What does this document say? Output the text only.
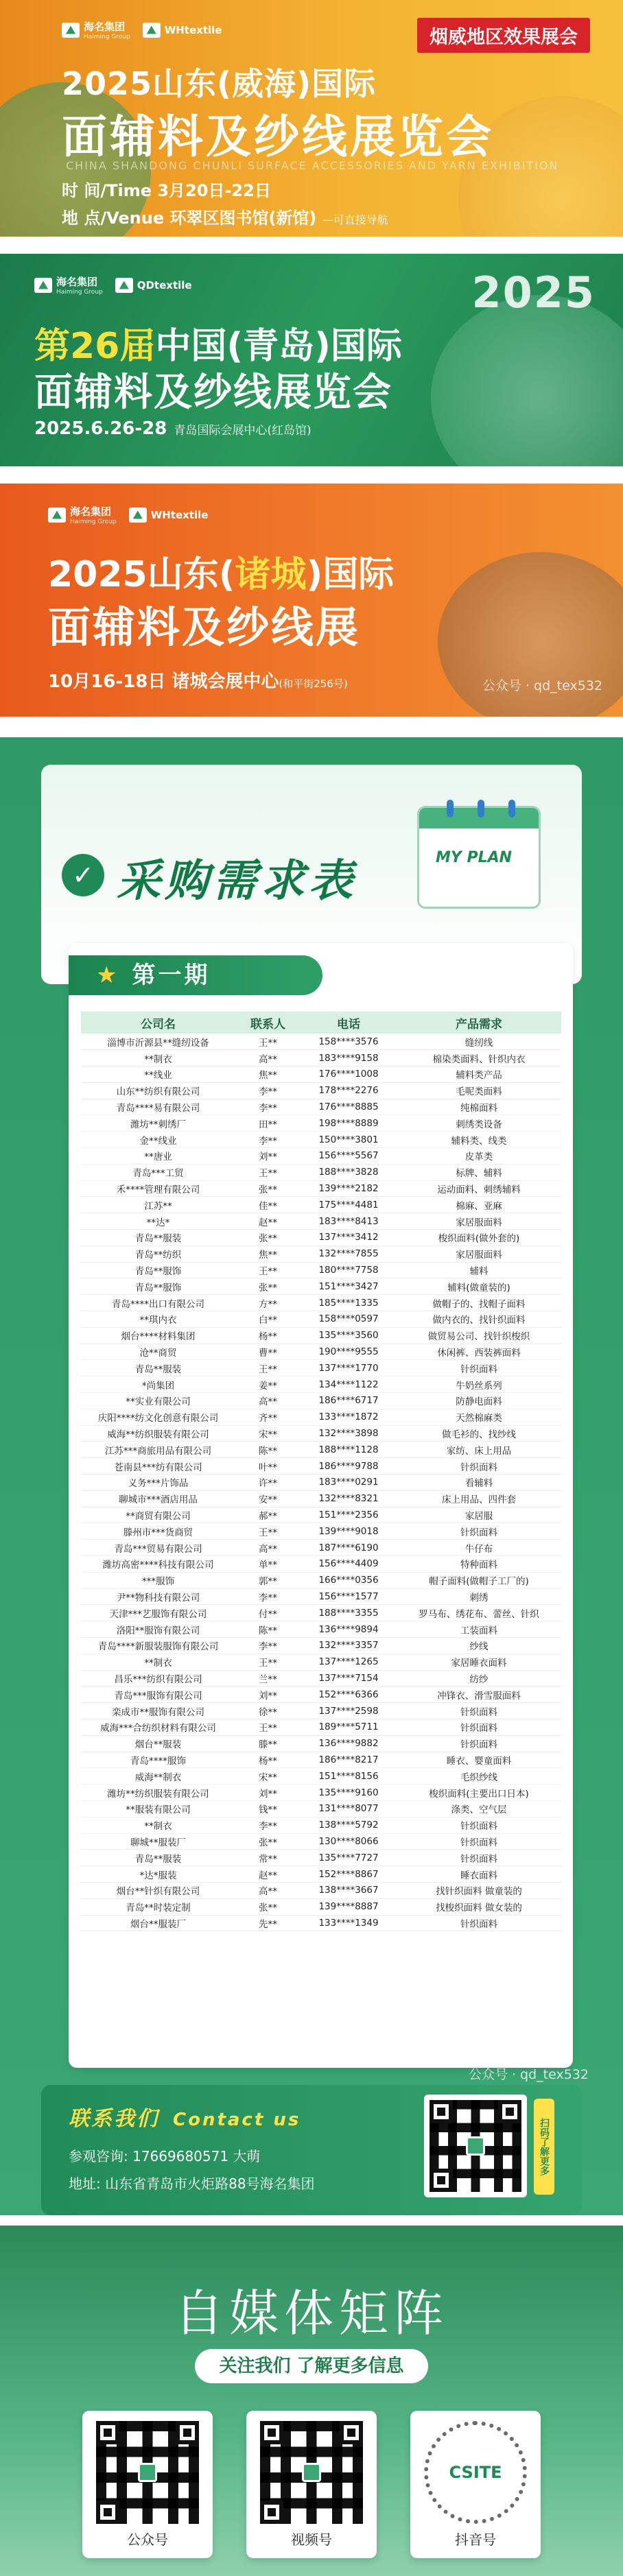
海名集团
Haiming Group
WHtextile	烟威地区效果展会
2025山东(威海)国际
面辅料及纱线展览会
CHINA SHANDONG CHUNLI SURFACE ACCESSORIES AND YARN EXHIBITION
时 间/Time 3月20日-22日
地 点/Venue 环翠区图书馆(新馆) —可直接导航
海名集团
Haiming Group
QDtextile	2025
第26届中国(青岛)国际
面辅料及纱线展览会
2025.6.26-28 青岛国际会展中心(红岛馆)
海名集团
Haiming Group
WHtextile
2025山东(诸城)国际
面辅料及纱线展
10月16-18日 诸城会展中心(和平街256号)	公众号 · qd_tex532
✓ 采购需求表	MY PLAN
★ 第一期
公司名	联系人	电话	产品需求
淄博市沂源县**缝纫设备	王**	158****3576	缝纫线
**制衣	高**	183****9158	棉染类面料、针织内衣
**线业	焦**	176****1008	辅料类产品
山东**纺织有限公司	李**	178****2276	毛呢类面料
青岛****易有限公司	李**	176****8885	纯棉面料
潍坊**刺绣厂	田**	198****8889	刺绣类设备
金**线业	李**	150****3801	辅料类、线类
**唐业	刘**	156****5567	皮革类
青岛***工贸	王**	188****3828	标牌、辅料
禾****管理有限公司	张**	139****2182	运动面料、刺绣辅料
江苏**	佳**	175****4481	棉麻、亚麻
**达*	赵**	183****8413	家居服面料
青岛**服装	张**	137****3412	梭织面料(做外套的)
青岛**纺织	焦**	132****7855	家居服面料
青岛**服饰	王**	180****7758	辅料
青岛**服饰	张**	151****3427	辅料(做童装的)
青岛****出口有限公司	方**	185****1335	做帽子的、找帽子面料
**琪内衣	白**	158****0597	做内衣的、找针织面料
烟台****材料集团	杨**	135****3560	做贸易公司、找针织梭织
沧**商贸	曹**	190****9555	休闲裤、西装裤面料
青岛**服装	王**	137****1770	针织面料
*尚集团	姜**	134****1122	牛奶丝系列
**实业有限公司	高**	186****6717	防静电面料
庆阳****纺文化创意有限公司	齐**	133****1872	天然棉麻类
威海**纺织服装有限公司	宋**	132****3898	做毛衫的、找纱线
江苏***商旅用品有限公司	陈**	188****1128	家纺、床上用品
苍南县***纺有限公司	叶**	186****9788	针织面料
义务***片饰品	许**	183****0291	看辅料
聊城市***酒店用品	安**	132****8321	床上用品、四件套
**商贸有限公司	郝**	151****2356	家居服
滕州市***货商贸	王**	139****9018	针织面料
青岛***贸易有限公司	高**	187****6190	牛仔布
潍坊高密****科技有限公司	单**	156****4409	特种面料
***服饰	郭**	166****0356	帽子面料(做帽子工厂的)
尹**物科技有限公司	李**	156****1577	刺绣
天津***艺服饰有限公司	付**	188****3355	罗马布、绣花布、蕾丝、针织
洛阳**服饰有限公司	陈**	136****9894	工装面料
青岛****新服装服饰有限公司	李**	132****3357	纱线
**制衣	王**	137****1265	家居睡衣面料
昌乐***纺织有限公司	兰**	137****7154	纺纱
青岛***服饰有限公司	刘**	152****6366	冲锋衣、滑雪服面料
栾成市**服饰有限公司	徐**	137****2598	针织面料
威海***合纺织材料有限公司	王**	189****5711	针织面料
烟台**服装	滕**	136****9882	针织面料
青岛****服饰	杨**	186****8217	睡衣、婴童面料
威海**制衣	宋**	151****8156	毛织纱线
潍坊**纺织服装有限公司	刘**	135****9160	梭织面料(主要出口日本)
**服装有限公司	钱**	131****8077	涤类、空气层
**制衣	李**	138****5792	针织面料
聊城**服装厂	张**	130****8066	针织面料
青岛**服装	常**	135****7727	针织面料
*达*服装	赵**	152****8867	睡衣面料
烟台**针织有限公司	高**	138****3667	找针织面料 做童装的
青岛**时装定制	张**	139****8887	找梭织面料 做女装的
烟台**服装厂	先**	133****1349	针织面料
公众号 · qd_tex532
联系我们 Contact us
参观咨询: 17669680571 大萌
地址: 山东省青岛市火炬路88号海名集团
扫码了解更多
自媒体矩阵
关注我们 了解更多信息
公众号	视频号
CSITE
抖音号
